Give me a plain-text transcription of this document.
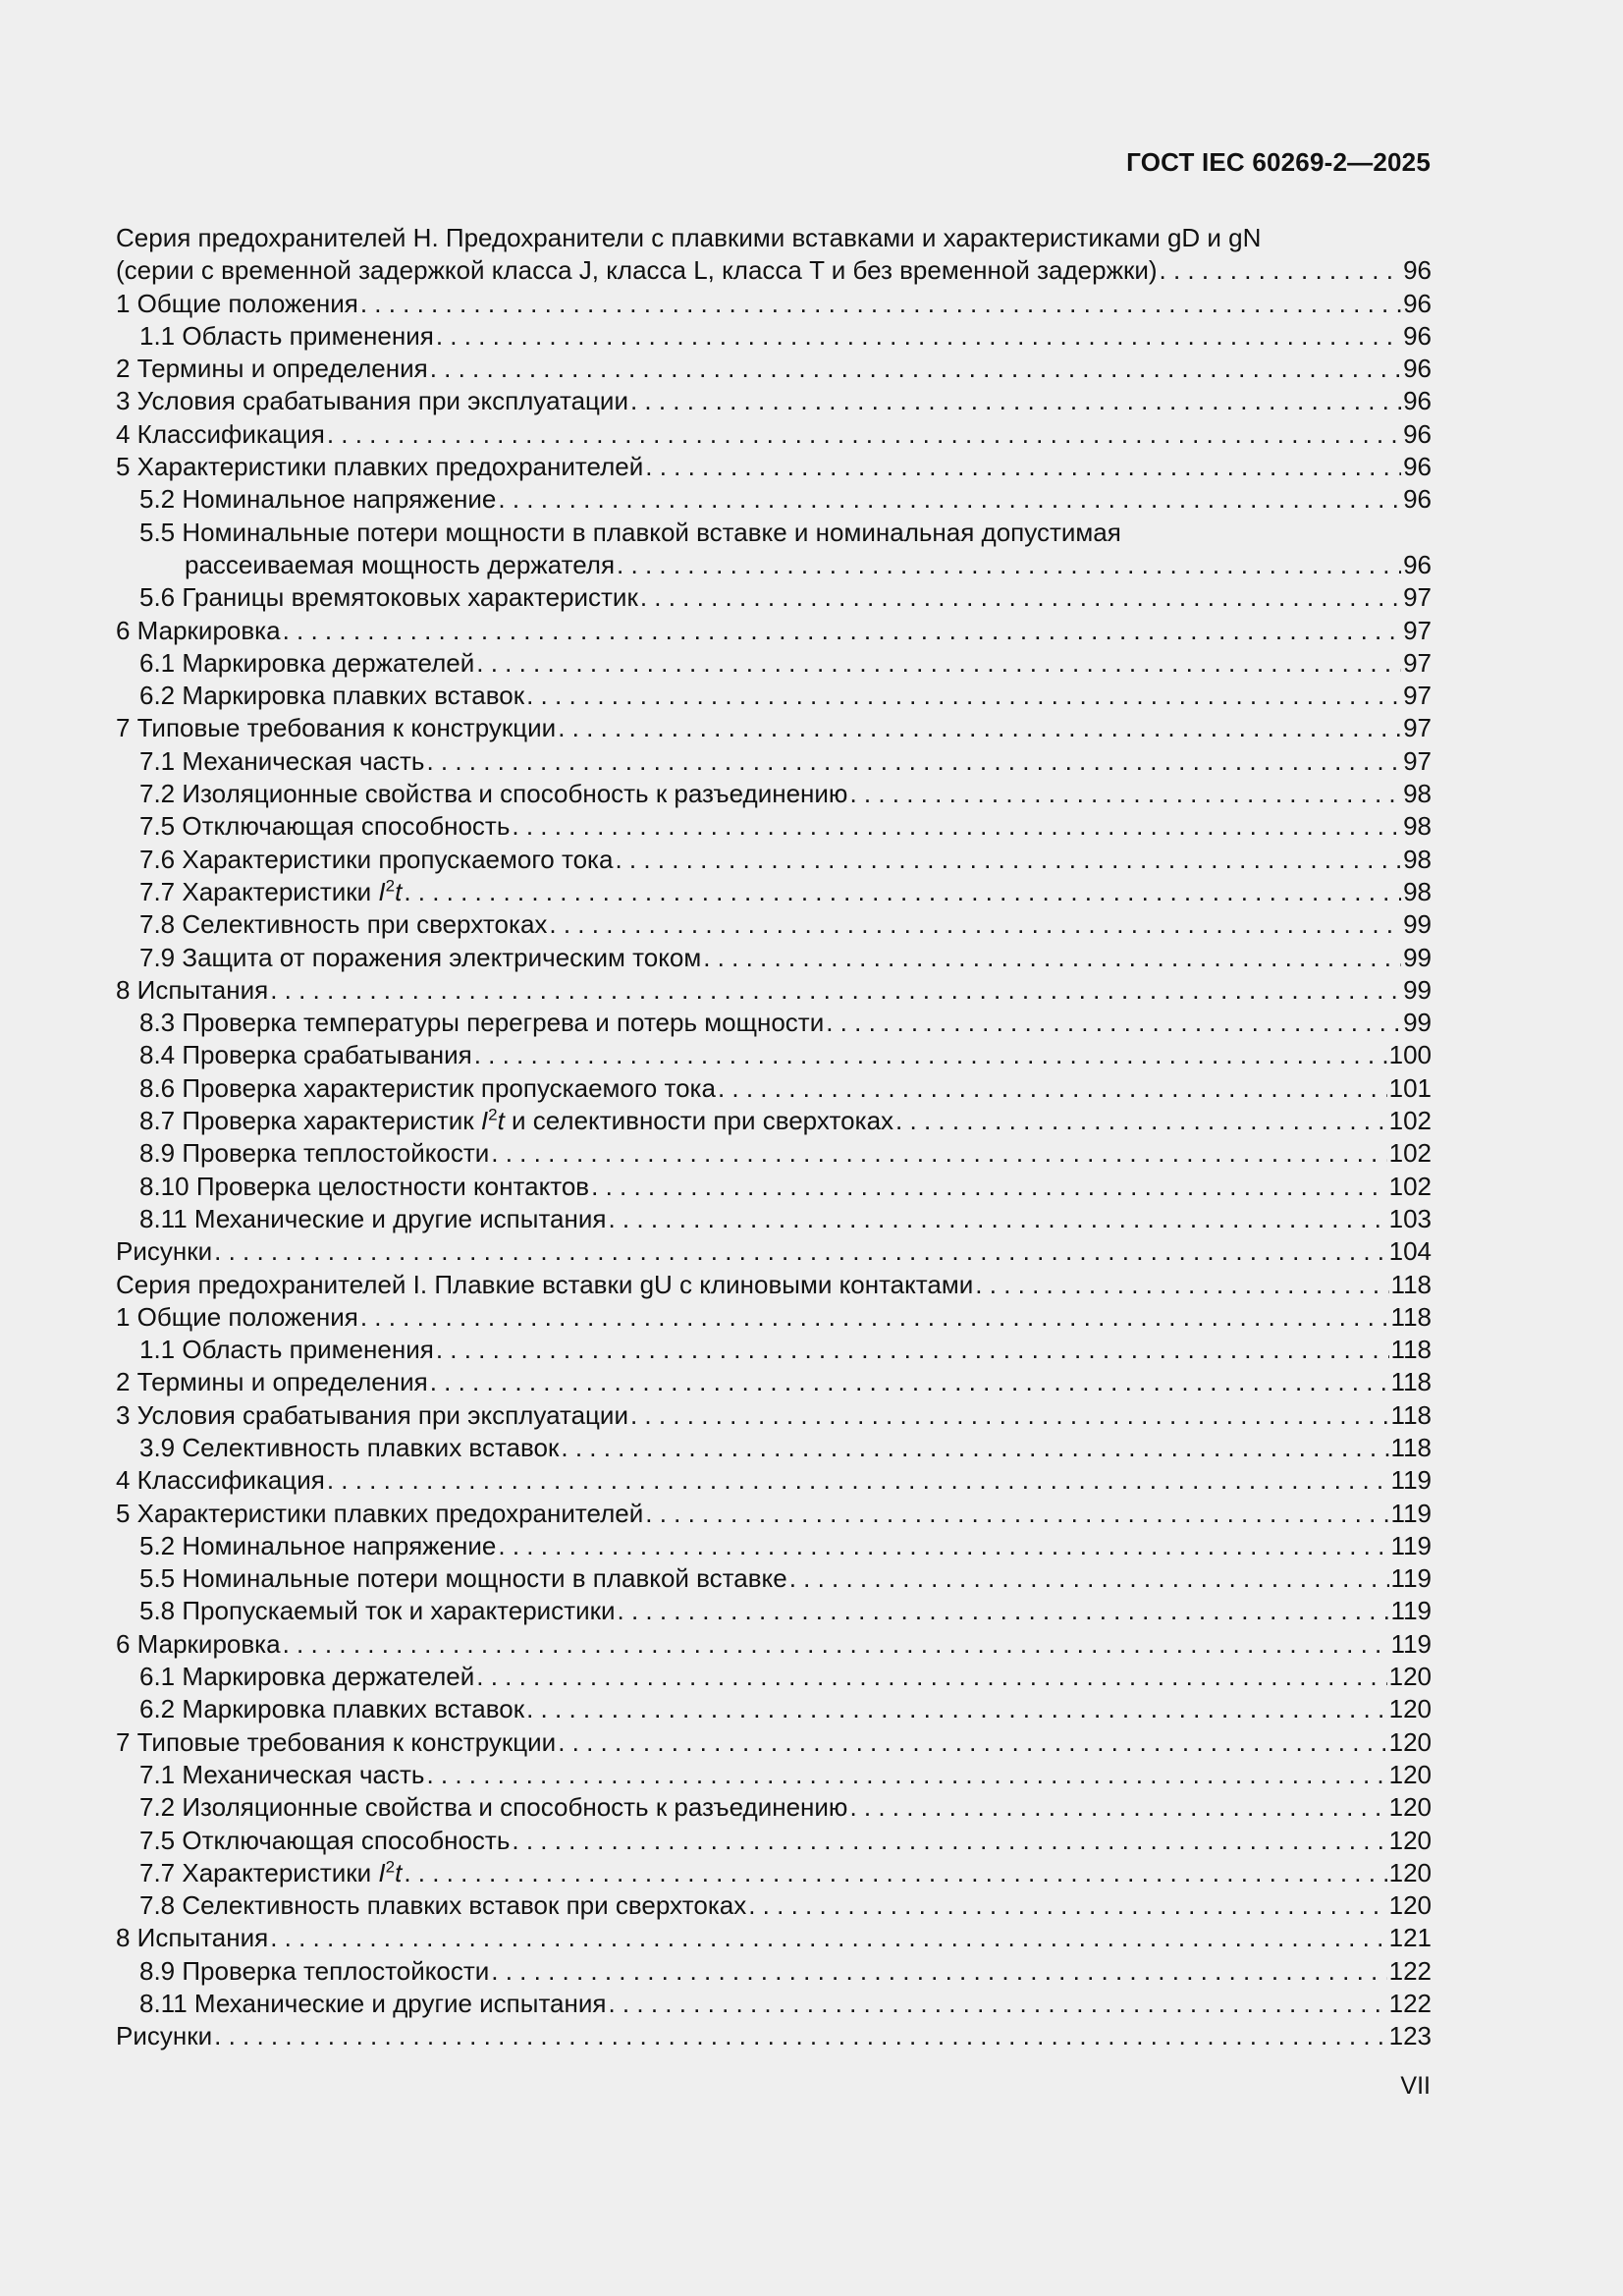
ГОСТ IEC 60269-2—2025
Серия предохранителей H. Предохранители с плавкими вставками и характеристиками gD и gN
(серии с временной задержкой класса J, класса L, класса T и без временной задержки) . . .	96
1 Общие положения . . .	96
1.1 Область применения . . .	96
2 Термины и определения . . .	96
3 Условия срабатывания при эксплуатации . . .	96
4 Классификация . . .	96
5 Характеристики плавких предохранителей . . .	96
5.2 Номинальное напряжение . . .	96
5.5 Номинальные потери мощности в плавкой вставке и номинальная допустимая
рассеиваемая мощность держателя . . .	96
5.6 Границы времятоковых характеристик . . .	97
6 Маркировка . . .	97
6.1 Маркировка держателей . . .	97
6.2 Маркировка плавких вставок . . .	97
7 Типовые требования к конструкции . . .	97
7.1 Механическая часть . . .	97
7.2 Изоляционные свойства и способность к разъединению . . .	98
7.5 Отключающая способность . . .	98
7.6 Характеристики пропускаемого тока . . .	98
7.7 Характеристики $I^2t$ . . .	98
7.8 Селективность при сверхтоках . . .	99
7.9 Защита от поражения электрическим током . . .	99
8 Испытания . . .	99
8.3 Проверка температуры перегрева и потерь мощности . . .	99
8.4 Проверка срабатывания . . .	100
8.6 Проверка характеристик пропускаемого тока . . .	101
8.7 Проверка характеристик $I^2t$ и селективности при сверхтоках . . .	102
8.9 Проверка теплостойкости . . .	102
8.10 Проверка целостности контактов . . .	102
8.11 Механические и другие испытания . . .	103
Рисунки . . .	104
Серия предохранителей I. Плавкие вставки gU с клиновыми контактами . . .	118
1 Общие положения . . .	118
1.1 Область применения . . .	118
2 Термины и определения . . .	118
3 Условия срабатывания при эксплуатации . . .	118
3.9 Селективность плавких вставок . . .	118
4 Классификация . . .	119
5 Характеристики плавких предохранителей . . .	119
5.2 Номинальное напряжение . . .	119
5.5 Номинальные потери мощности в плавкой вставке . . .	119
5.8 Пропускаемый ток и характеристики . . .	119
6 Маркировка . . .	119
6.1 Маркировка держателей . . .	120
6.2 Маркировка плавких вставок . . .	120
7 Типовые требования к конструкции . . .	120
7.1 Механическая часть . . .	120
7.2 Изоляционные свойства и способность к разъединению . . .	120
7.5 Отключающая способность . . .	120
7.7 Характеристики $I^2t$ . . .	120
7.8 Селективность плавких вставок при сверхтоках . . .	120
8 Испытания . . .	121
8.9 Проверка теплостойкости . . .	122
8.11 Механические и другие испытания . . .	122
Рисунки . . .	123
VII
